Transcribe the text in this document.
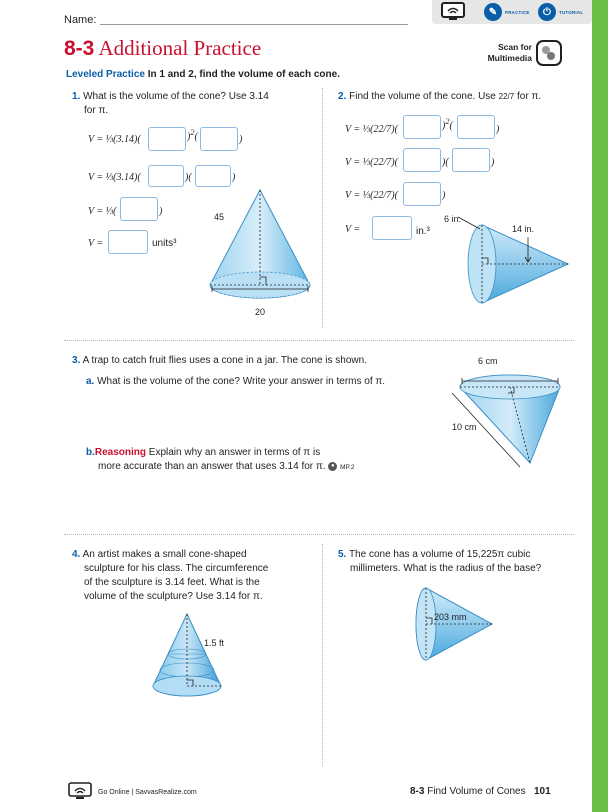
Name:
✎	PRACTICE	⏻	TUTORIAL
8-3 Additional Practice	Scan for
Multimedia
Leveled Practice In 1 and 2, find the volume of each cone.
1. What is the volume of the cone? Use 3.14
for π.
V = ⅓(3.14)(	)$^2$(	)
V = ⅓(3.14)(	)(	)
V = ⅓(	)
V =	units³
45
20
2. Find the volume of the cone. Use 22/7 for π.
V = ⅓(22/7)(	)$^2$(	)
V = ⅓(22/7)(	)(	)
V = ⅓(22/7)(	)
V =	in.³
6 in.
14 in.
3. A trap to catch fruit flies uses a cone in a jar. The cone is shown.
a. What is the volume of the cone? Write your answer in terms of π.
b.Reasoning Explain why an answer in terms of π is
more accurate than an answer that uses 3.14 for π. ● MP.2
6 cm
10 cm
4. An artist makes a small cone-shaped
sculpture for his class. The circumference
of the sculpture is 3.14 feet. What is the
volume of the sculpture? Use 3.14 for π.
1.5 ft
5. The cone has a volume of 15,225π cubic
millimeters. What is the radius of the base?
203 mm
Go Online | SavvasRealize.com	8-3 Find Volume of Cones 101
